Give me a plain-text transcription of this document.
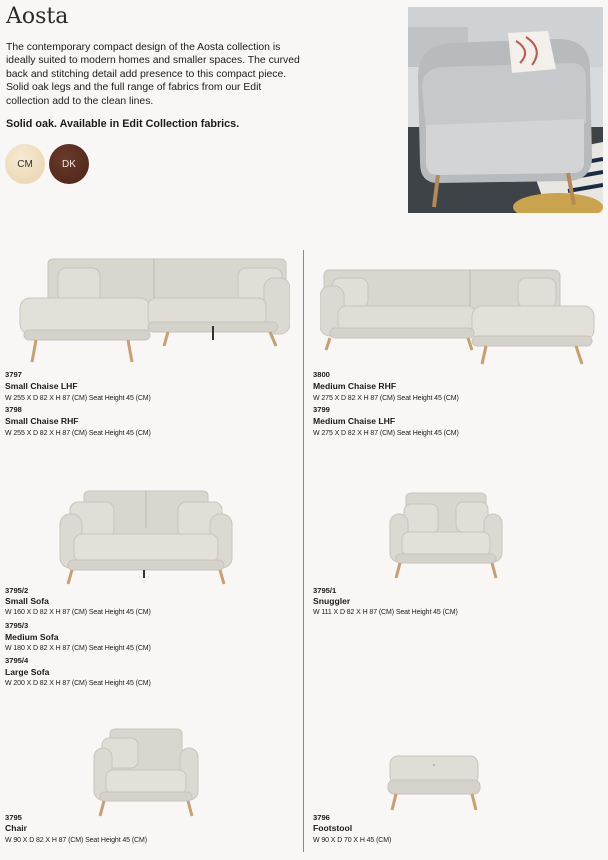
Aosta

The contemporary compact design of the Aosta collection is ideally suited to modern homes and smaller spaces. The curved back and stitching detail add presence to this compact piece. Solid oak legs and the full range of fabrics from our Edit collection add to the clean lines.

Solid oak. Available in Edit Collection fabrics.

CM	DK

3797

Small Chaise LHF

W 255 X D 82 X H 87 (CM) Seat Height 45 (CM)

3798

Small Chaise RHF

W 255 X D 82 X H 87 (CM) Seat Height 45 (CM)

3800

Medium Chaise RHF

W 275 X D 82 X H 87 (CM) Seat Height 45 (CM)

3799

Medium Chaise LHF

W 275 X D 82 X H 87 (CM) Seat Height 45 (CM)

3795/2

Small Sofa

W 160 X D 82 X H 87 (CM) Seat Height 45 (CM)

3795/3

Medium Sofa

W 180 X D 82 X H 87 (CM) Seat Height 45 (CM)

3795/4

Large Sofa

W 200 X D 82 X H 87 (CM) Seat Height 45 (CM)

3795/1

Snuggler

W 111 X D 82 X H 87 (CM) Seat Height 45 (CM)

3795

Chair

W 90 X D 82 X H 87 (CM) Seat Height 45 (CM)

3796

Footstool

W 90 X D 70 X H 45 (CM)
